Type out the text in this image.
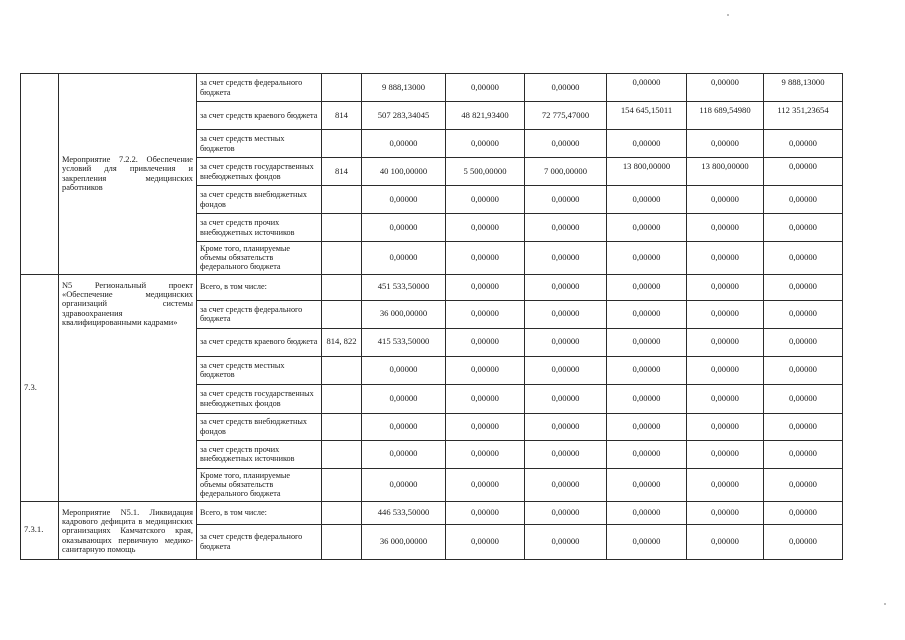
	Мероприятие 7.2.2. Обеспечение условий для привлечения и закрепления медицинских работников	за счет средств федерального бюджета		9 888,13000	0,00000	0,00000	0,00000	0,00000	9 888,13000
		за счет средств краевого бюджета	814	507 283,34045	48 821,93400	72 775,47000	154 645,15011	118 689,54980	112 351,23654
		за счет средств местных бюджетов		0,00000	0,00000	0,00000	0,00000	0,00000	0,00000
		за счет средств государственных внебюджетных фондов	814	40 100,00000	5 500,00000	7 000,00000	13 800,00000	13 800,00000	0,00000
		за счет средств внебюджетных фондов		0,00000	0,00000	0,00000	0,00000	0,00000	0,00000
		за счет средств прочих внебюджетных источников		0,00000	0,00000	0,00000	0,00000	0,00000	0,00000
		Кроме того, планируемые объемы обязательств федерального бюджета		0,00000	0,00000	0,00000	0,00000	0,00000	0,00000
7.3.	N5 Региональный проект «Обеспечение медицинских организаций системы здравоохранения квалифицированными кадрами»	Всего, в том числе:		451 533,50000	0,00000	0,00000	0,00000	0,00000	0,00000
		за счет средств федерального бюджета		36 000,00000	0,00000	0,00000	0,00000	0,00000	0,00000
		за счет средств краевого бюджета	814, 822	415 533,50000	0,00000	0,00000	0,00000	0,00000	0,00000
		за счет средств местных бюджетов		0,00000	0,00000	0,00000	0,00000	0,00000	0,00000
		за счет средств государственных внебюджетных фондов		0,00000	0,00000	0,00000	0,00000	0,00000	0,00000
		за счет средств внебюджетных фондов		0,00000	0,00000	0,00000	0,00000	0,00000	0,00000
		за счет средств прочих внебюджетных источников		0,00000	0,00000	0,00000	0,00000	0,00000	0,00000
		Кроме того, планируемые объемы обязательств федерального бюджета		0,00000	0,00000	0,00000	0,00000	0,00000	0,00000
7.3.1.	Мероприятие N5.1. Ликвидация кадрового дефицита в медицинских организациях Камчатского края, оказывающих первичную медико-санитарную помощь	Всего, в том числе:		446 533,50000	0,00000	0,00000	0,00000	0,00000	0,00000
		за счет средств федерального бюджета		36 000,00000	0,00000	0,00000	0,00000	0,00000	0,00000
